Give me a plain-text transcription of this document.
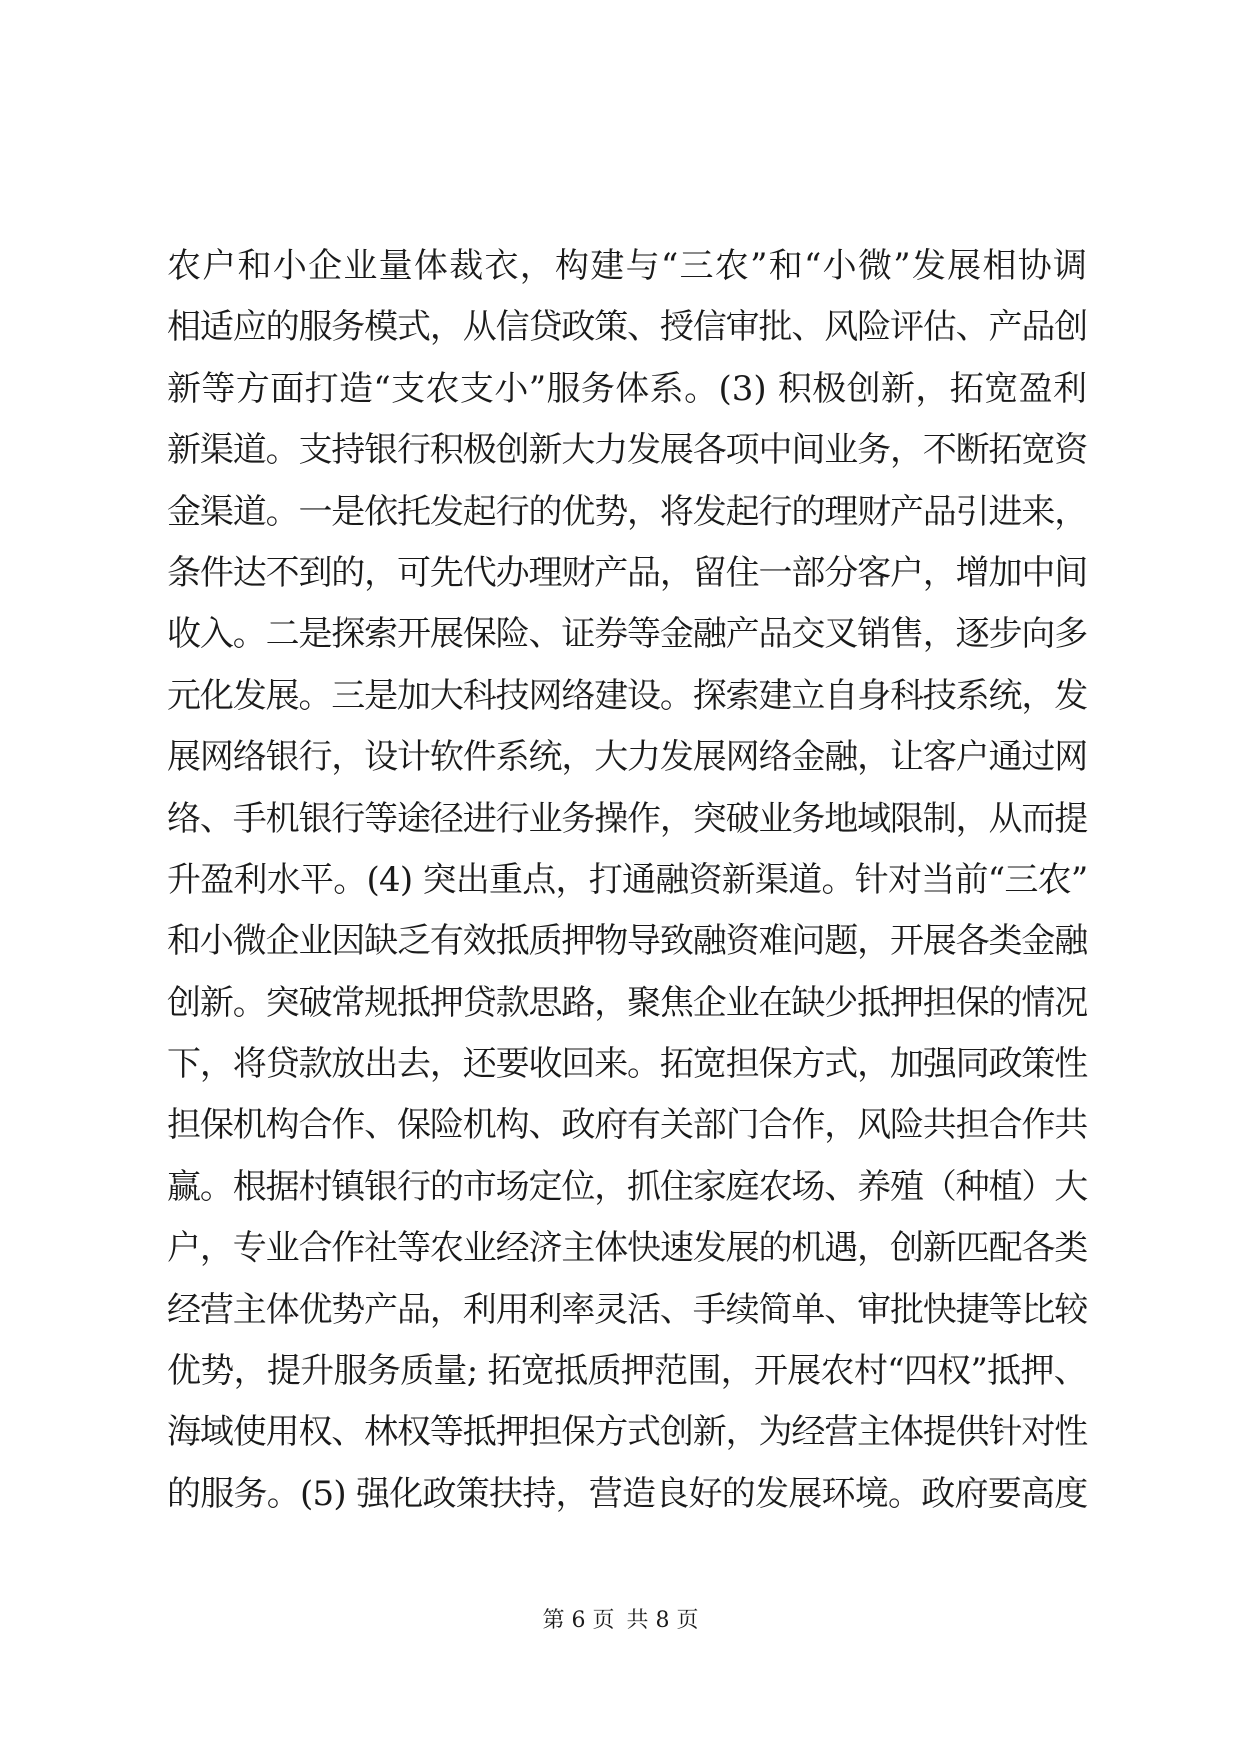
农户和小企业量体裁衣，构建与“三农”和“小微”发展相协调
相适应的服务模式，从信贷政策、授信审批、风险评估、产品创
新等方面打造“支农支小”服务体系。(3) 积极创新，拓宽盈利
新渠道。支持银行积极创新大力发展各项中间业务，不断拓宽资
金渠道。一是依托发起行的优势，将发起行的理财产品引进来，
条件达不到的，可先代办理财产品，留住一部分客户，增加中间
收入。二是探索开展保险、证券等金融产品交叉销售，逐步向多
元化发展。三是加大科技网络建设。探索建立自身科技系统，发
展网络银行，设计软件系统，大力发展网络金融，让客户通过网
络、手机银行等途径进行业务操作，突破业务地域限制，从而提
升盈利水平。(4) 突出重点，打通融资新渠道。针对当前“三农”
和小微企业因缺乏有效抵质押物导致融资难问题，开展各类金融
创新。突破常规抵押贷款思路，聚焦企业在缺少抵押担保的情况
下，将贷款放出去，还要收回来。拓宽担保方式，加强同政策性
担保机构合作、保险机构、政府有关部门合作，风险共担合作共
赢。根据村镇银行的市场定位，抓住家庭农场、养殖（种植）大
户，专业合作社等农业经济主体快速发展的机遇，创新匹配各类
经营主体优势产品，利用利率灵活、手续简单、审批快捷等比较
优势，提升服务质量; 拓宽抵质押范围，开展农村“四权”抵押、
海域使用权、林权等抵押担保方式创新，为经营主体提供针对性
的服务。(5) 强化政策扶持，营造良好的发展环境。政府要高度
第 6 页 共 8 页
